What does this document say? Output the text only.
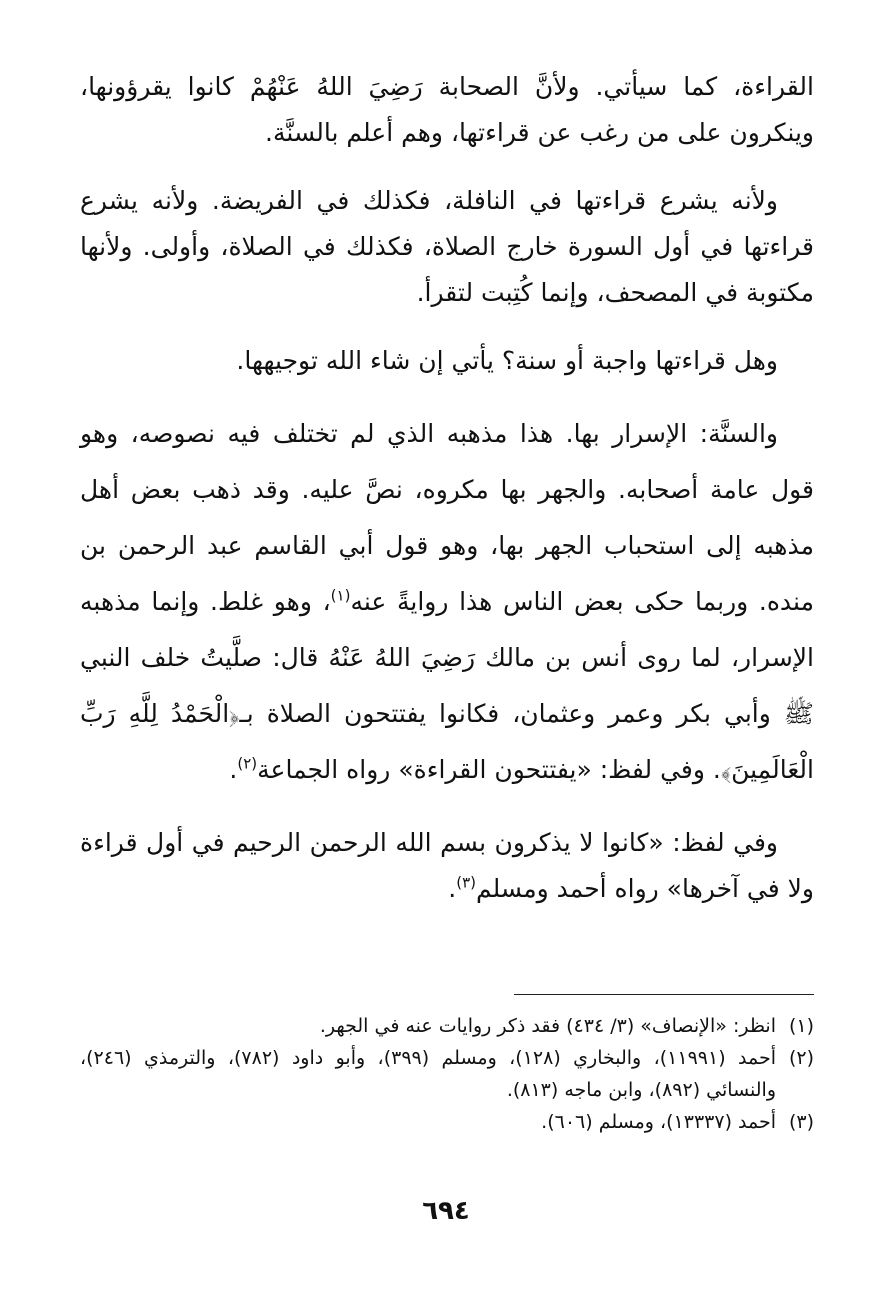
القراءة، كما سيأتي. ولأنَّ الصحابة رَضِيَ اللهُ عَنْهُمْ كانوا يقرؤونها، وينكرون على من رغب عن قراءتها، وهم أعلم بالسنَّة.

ولأنه يشرع قراءتها في النافلة، فكذلك في الفريضة. ولأنه يشرع قراءتها في أول السورة خارج الصلاة، فكذلك في الصلاة، وأولى. ولأنها مكتوبة في المصحف، وإنما كُتِبت لتقرأ.

وهل قراءتها واجبة أو سنة؟ يأتي إن شاء الله توجيهها.

والسنَّة: الإسرار بها. هذا مذهبه الذي لم تختلف فيه نصوصه، وهو قول عامة أصحابه. والجهر بها مكروه، نصَّ عليه. وقد ذهب بعض أهل مذهبه إلى استحباب الجهر بها، وهو قول أبي القاسم عبد الرحمن بن منده. وربما حكى بعض الناس هذا روايةً عنه$^{(١)}$، وهو غلط. وإنما مذهبه الإسرار، لما روى أنس بن مالك رَضِيَ اللهُ عَنْهُ قال: صلَّيتُ خلف النبي ﷺ وأبي بكر وعمر وعثمان، فكانوا يفتتحون الصلاة بـ﴿الْحَمْدُ لِلَّهِ رَبِّ الْعَالَمِينَ﴾. وفي لفظ: «يفتتحون القراءة» رواه الجماعة$^{(٢)}$.

وفي لفظ: «كانوا لا يذكرون بسم الله الرحمن الرحيم في أول قراءة ولا في آخرها» رواه أحمد ومسلم$^{(٣)}$.

(١)
انظر: «الإنصاف» (٣/ ٤٣٤) فقد ذكر روايات عنه في الجهر.
(٢)
أحمد (١١٩٩١)، والبخاري (١٢٨)، ومسلم (٣٩٩)، وأبو داود (٧٨٢)، والترمذي (٢٤٦)، والنسائي (٨٩٢)، وابن ماجه (٨١٣).
(٣)
أحمد (١٣٣٣٧)، ومسلم (٦٠٦).
٦٩٤
